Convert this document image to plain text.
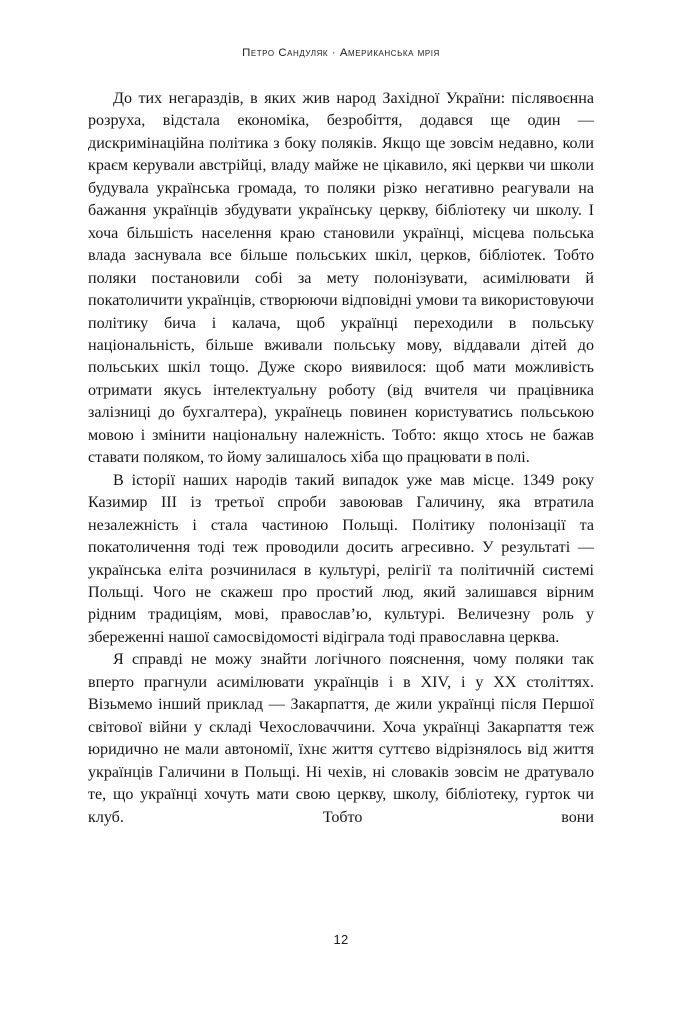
Петро Сандуляк · Американська мрія

До тих негараздів, в яких жив народ Західної України: післявоєнна розруха, відстала економіка, безробіття, додався ще один — дискримінаційна політика з боку поляків. Якщо ще зовсім недавно, коли краєм керували австрійці, владу майже не цікавило, які церкви чи школи будувала українська громада, то поляки різко негативно реагували на бажання українців збудувати українську церкву, бібліотеку чи школу. І хоча більшість населення краю становили українці, місцева польська влада заснувала все більше польських шкіл, церков, бібліотек. Тобто поляки постановили собі за мету полонізувати, асимілювати й покатоличити українців, створюючи відповідні умови та використовуючи політику бича і калача, щоб українці переходили в польську національність, більше вживали польську мову, віддавали дітей до польських шкіл тощо. Дуже скоро виявилося: щоб мати можливість отримати якусь інтелектуальну роботу (від вчителя чи працівника залізниці до бухгалтера), українець повинен користуватись польською мовою і змінити національну належність. Тобто: якщо хтось не бажав ставати поляком, то йому залишалось хіба що працювати в полі.

В історії наших народів такий випадок уже мав місце. 1349 року Казимир III із третьої спроби завоював Галичину, яка втратила незалежність і стала частиною Польщі. Політику полонізації та покатоличення тоді теж проводили досить агресивно. У результаті — українська еліта розчинилася в культурі, релігії та політичній системі Польщі. Чого не скажеш про простий люд, який залишався вірним рідним традиціям, мові, православ’ю, культурі. Величезну роль у збереженні нашої самосвідомості відіграла тоді православна церква.

Я справді не можу знайти логічного пояснення, чому поляки так вперто прагнули асимілювати українців і в XIV, і у XX століттях. Візьмемо інший приклад — Закарпаття, де жили українці після Першої світової війни у складі Чехословаччини. Хоча українці Закарпаття теж юридично не мали автономії, їхнє життя суттєво відрізнялось від життя українців Галичини в Польщі. Ні чехів, ні словаків зовсім не дратувало те, що українці хочуть мати свою церкву, школу, бібліотеку, гурток чи клуб. Тобто вони

12
